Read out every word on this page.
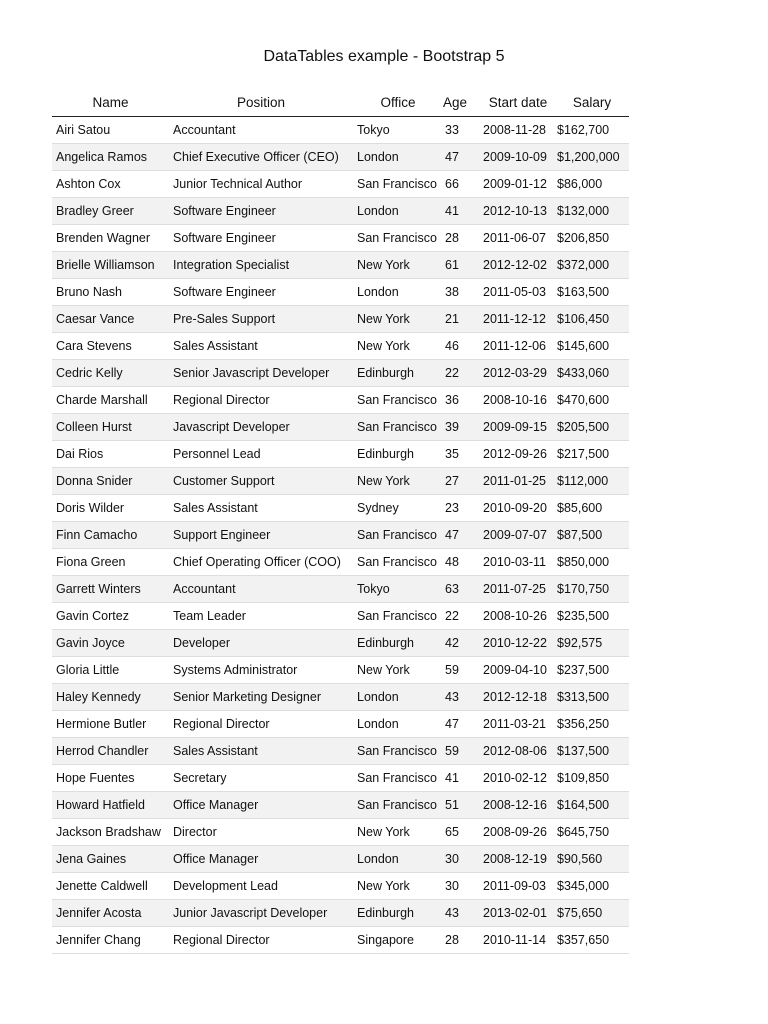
DataTables example - Bootstrap 5
Name	Position	Office	Age	Start date	Salary
Airi Satou	Accountant	Tokyo	33	2008-11-28	$162,700
Angelica Ramos	Chief Executive Officer (CEO)	London	47	2009-10-09	$1,200,000
Ashton Cox	Junior Technical Author	San Francisco	66	2009-01-12	$86,000
Bradley Greer	Software Engineer	London	41	2012-10-13	$132,000
Brenden Wagner	Software Engineer	San Francisco	28	2011-06-07	$206,850
Brielle Williamson	Integration Specialist	New York	61	2012-12-02	$372,000
Bruno Nash	Software Engineer	London	38	2011-05-03	$163,500
Caesar Vance	Pre-Sales Support	New York	21	2011-12-12	$106,450
Cara Stevens	Sales Assistant	New York	46	2011-12-06	$145,600
Cedric Kelly	Senior Javascript Developer	Edinburgh	22	2012-03-29	$433,060
Charde Marshall	Regional Director	San Francisco	36	2008-10-16	$470,600
Colleen Hurst	Javascript Developer	San Francisco	39	2009-09-15	$205,500
Dai Rios	Personnel Lead	Edinburgh	35	2012-09-26	$217,500
Donna Snider	Customer Support	New York	27	2011-01-25	$112,000
Doris Wilder	Sales Assistant	Sydney	23	2010-09-20	$85,600
Finn Camacho	Support Engineer	San Francisco	47	2009-07-07	$87,500
Fiona Green	Chief Operating Officer (COO)	San Francisco	48	2010-03-11	$850,000
Garrett Winters	Accountant	Tokyo	63	2011-07-25	$170,750
Gavin Cortez	Team Leader	San Francisco	22	2008-10-26	$235,500
Gavin Joyce	Developer	Edinburgh	42	2010-12-22	$92,575
Gloria Little	Systems Administrator	New York	59	2009-04-10	$237,500
Haley Kennedy	Senior Marketing Designer	London	43	2012-12-18	$313,500
Hermione Butler	Regional Director	London	47	2011-03-21	$356,250
Herrod Chandler	Sales Assistant	San Francisco	59	2012-08-06	$137,500
Hope Fuentes	Secretary	San Francisco	41	2010-02-12	$109,850
Howard Hatfield	Office Manager	San Francisco	51	2008-12-16	$164,500
Jackson Bradshaw	Director	New York	65	2008-09-26	$645,750
Jena Gaines	Office Manager	London	30	2008-12-19	$90,560
Jenette Caldwell	Development Lead	New York	30	2011-09-03	$345,000
Jennifer Acosta	Junior Javascript Developer	Edinburgh	43	2013-02-01	$75,650
Jennifer Chang	Regional Director	Singapore	28	2010-11-14	$357,650
